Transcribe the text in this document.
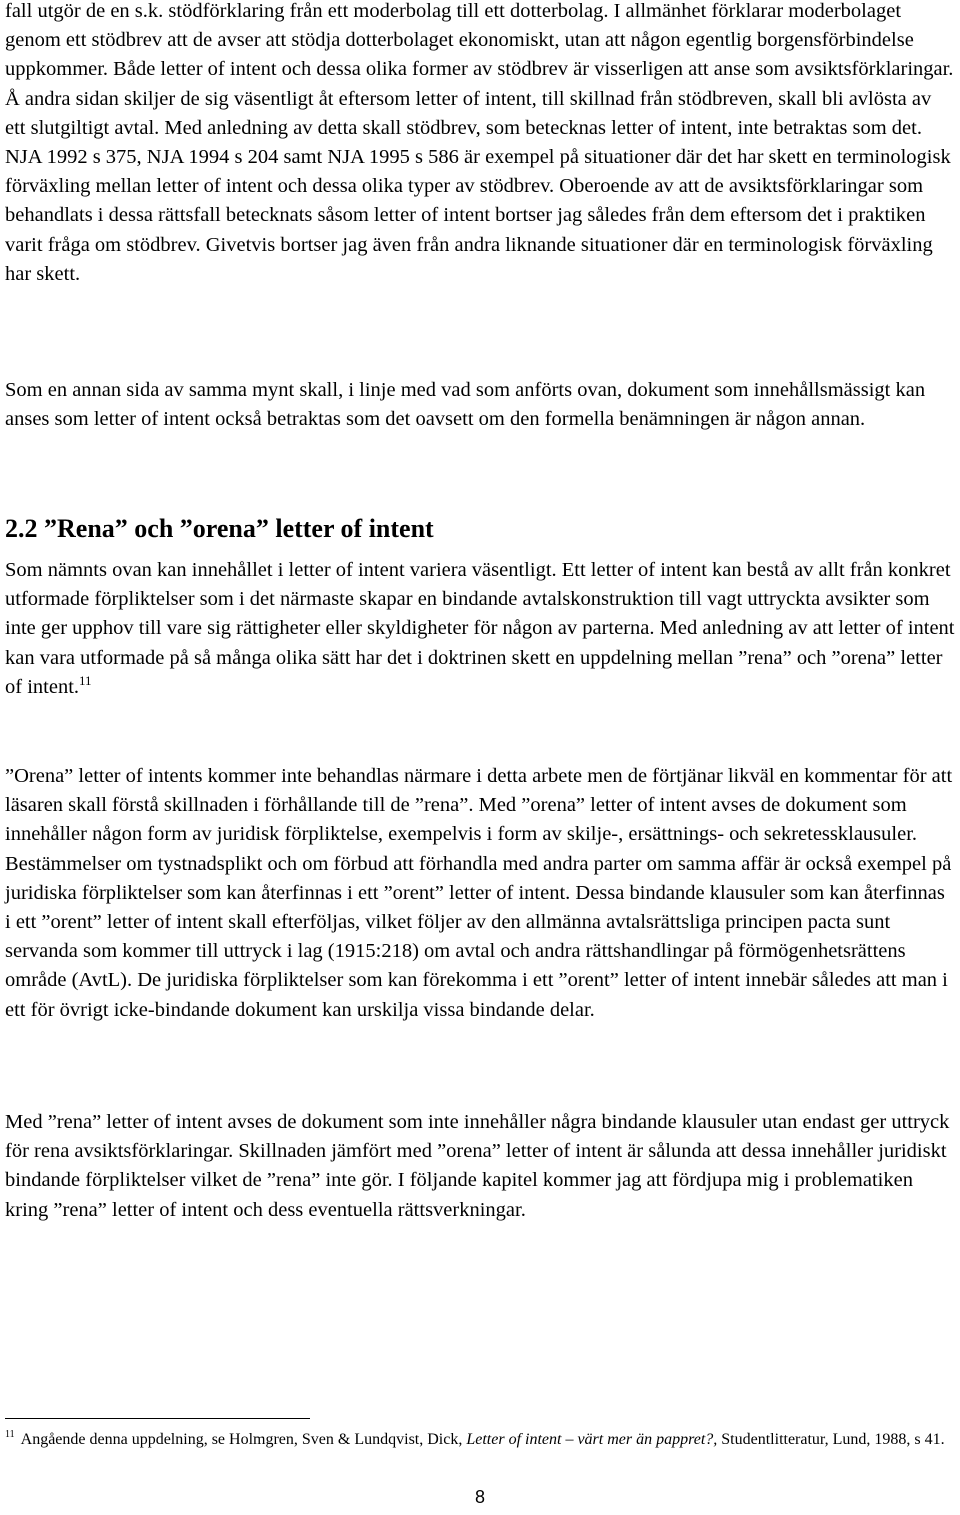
fall utgör de en s.k. stödförklaring från ett moderbolag till ett dotterbolag. I allmänhet förklarar moderbolaget genom ett stödbrev att de avser att stödja dotterbolaget ekonomiskt, utan att någon egentlig borgensförbindelse uppkommer. Både letter of intent och dessa olika former av stödbrev är visserligen att anse som avsiktsförklaringar. Å andra sidan skiljer de sig väsentligt åt eftersom letter of intent, till skillnad från stödbreven, skall bli avlösta av ett slutgiltigt avtal. Med anledning av detta skall stödbrev, som betecknas letter of intent, inte betraktas som det. NJA 1992 s 375, NJA 1994 s 204 samt NJA 1995 s 586 är exempel på situationer där det har skett en terminologisk förväxling mellan letter of intent och dessa olika typer av stödbrev. Oberoende av att de avsiktsförklaringar som behandlats i dessa rättsfall betecknats såsom letter of intent bortser jag således från dem eftersom det i praktiken varit fråga om stödbrev. Givetvis bortser jag även från andra liknande situationer där en terminologisk förväxling har skett.

Som en annan sida av samma mynt skall, i linje med vad som anförts ovan, dokument som innehållsmässigt kan anses som letter of intent också betraktas som det oavsett om den formella benämningen är någon annan.

2.2 ”Rena” och ”orena” letter of intent

Som nämnts ovan kan innehållet i letter of intent variera väsentligt. Ett letter of intent kan bestå av allt från konkret utformade förpliktelser som i det närmaste skapar en bindande avtalskonstruktion till vagt uttryckta avsikter som inte ger upphov till vare sig rättigheter eller skyldigheter för någon av parterna. Med anledning av att letter of intent kan vara utformade på så många olika sätt har det i doktrinen skett en uppdelning mellan ”rena” och ”orena” letter of intent.$^{11}$

”Orena” letter of intents kommer inte behandlas närmare i detta arbete men de förtjänar likväl en kommentar för att läsaren skall förstå skillnaden i förhållande till de ”rena”. Med ”orena” letter of intent avses de dokument som innehåller någon form av juridisk förpliktelse, exempelvis i form av skilje-, ersättnings- och sekretessklausuler. Bestämmelser om tystnadsplikt och om förbud att förhandla med andra parter om samma affär är också exempel på juridiska förpliktelser som kan återfinnas i ett ”orent” letter of intent. Dessa bindande klausuler som kan återfinnas i ett ”orent” letter of intent skall efterföljas, vilket följer av den allmänna avtalsrättsliga principen pacta sunt servanda som kommer till uttryck i lag (1915:218) om avtal och andra rättshandlingar på förmögenhetsrättens område (AvtL). De juridiska förpliktelser som kan förekomma i ett ”orent” letter of intent innebär således att man i ett för övrigt icke-bindande dokument kan urskilja vissa bindande delar.

Med ”rena” letter of intent avses de dokument som inte innehåller några bindande klausuler utan endast ger uttryck för rena avsiktsförklaringar. Skillnaden jämfört med ”orena” letter of intent är sålunda att dessa innehåller juridiskt bindande förpliktelser vilket de ”rena” inte gör. I följande kapitel kommer jag att fördjupa mig i problematiken kring ”rena” letter of intent och dess eventuella rättsverkningar.

$^{11}$ Angående denna uppdelning, se Holmgren, Sven & Lundqvist, Dick, Letter of intent – värt mer än pappret?, Studentlitteratur, Lund, 1988, s 41.

8
